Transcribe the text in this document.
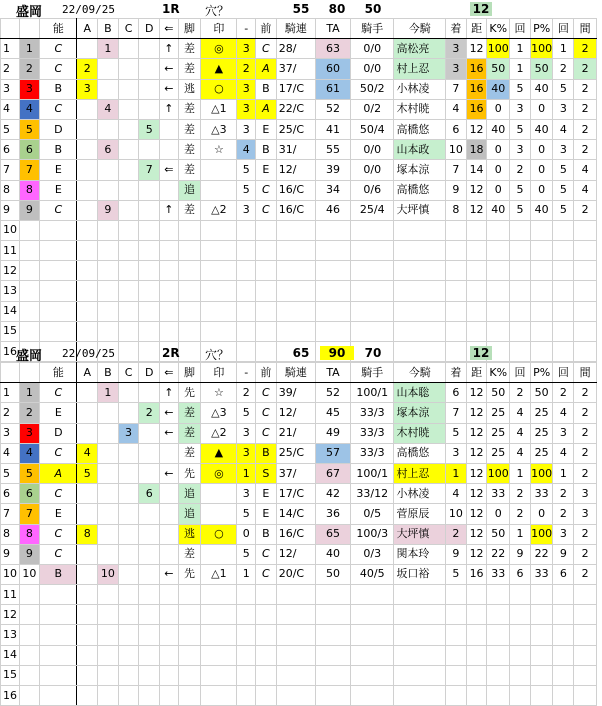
盛岡 22/09/25	1R 穴？	55	80	50	12
		能	A	B	C	D	⇐	脚	印	-	前	騎連	TA	騎手	今騎	着	距	K%	回	P%	回	間
1	1	C		1			↑	差	◎	3	C	28/	63	0/0	高松亮	3	12	100	1	100	1	2
2	2	C	2				←	差	▲	2	A	37/	60	0/0	村上忍	3	16	50	1	50	2	2
3	3	B	3				←	逃	○	3	B	17/C	61	50/2	小林凌	7	16	40	5	40	5	2
4	4	C		4			↑	差	△1	3	A	22/C	52	0/2	木村暁	4	16	0	3	0	3	2
5	5	D				5		差	△3	3	E	25/C	41	50/4	高橋悠	6	12	40	5	40	4	2
6	6	B		6				差	☆	4	B	31/	55	0/0	山本政	10	18	0	3	0	3	2
7	7	E				7	⇐	差		5	E	12/	39	0/0	塚本涼	7	14	0	2	0	5	4
8	8	E						追		5	C	16/C	34	0/6	高橋悠	9	12	0	5	0	5	4
9	9	C		9			↑	差	△2	3	C	16/C	46	25/4	大坪慎	8	12	40	5	40	5	2
10																						
11																						
12																						
13																						
14																						
15																						
16																						盛岡 22/09/25	2R 穴？	65	90	70	12
		能	A	B	C	D	⇐	脚	印	-	前	騎連	TA	騎手	今騎	着	距	K%	回	P%	回	間
1	1	C		1			↑	先	☆	2	C	39/	52	100/1	山本聡	6	12	50	2	50	2	2
2	2	E				2	←	差	△3	5	C	12/	45	33/3	塚本涼	7	12	25	4	25	4	2
3	3	D			3		←	差	△2	3	C	21/	49	33/3	木村暁	5	12	25	4	25	3	2
4	4	C	4					差	▲	3	B	25/C	57	33/3	高橋悠	3	12	25	4	25	4	2
5	5	A	5				←	先	◎	1	S	37/	67	100/1	村上忍	1	12	100	1	100	1	2
6	6	C				6		追		3	E	17/C	42	33/12	小林凌	4	12	33	2	33	2	3
7	7	E						追		5	E	14/C	36	0/5	菅原辰	10	12	0	2	0	2	3
8	8	C	8					逃	○	0	B	16/C	65	100/3	大坪慎	2	12	50	1	100	3	2
9	9	C						差		5	C	12/	40	0/3	関本玲	9	12	22	9	22	9	2
10	10	B		10			←	先	△1	1	C	20/C	50	40/5	坂口裕	5	16	33	6	33	6	2
11																						
12																						
13																						
14																						
15																						
16																						
